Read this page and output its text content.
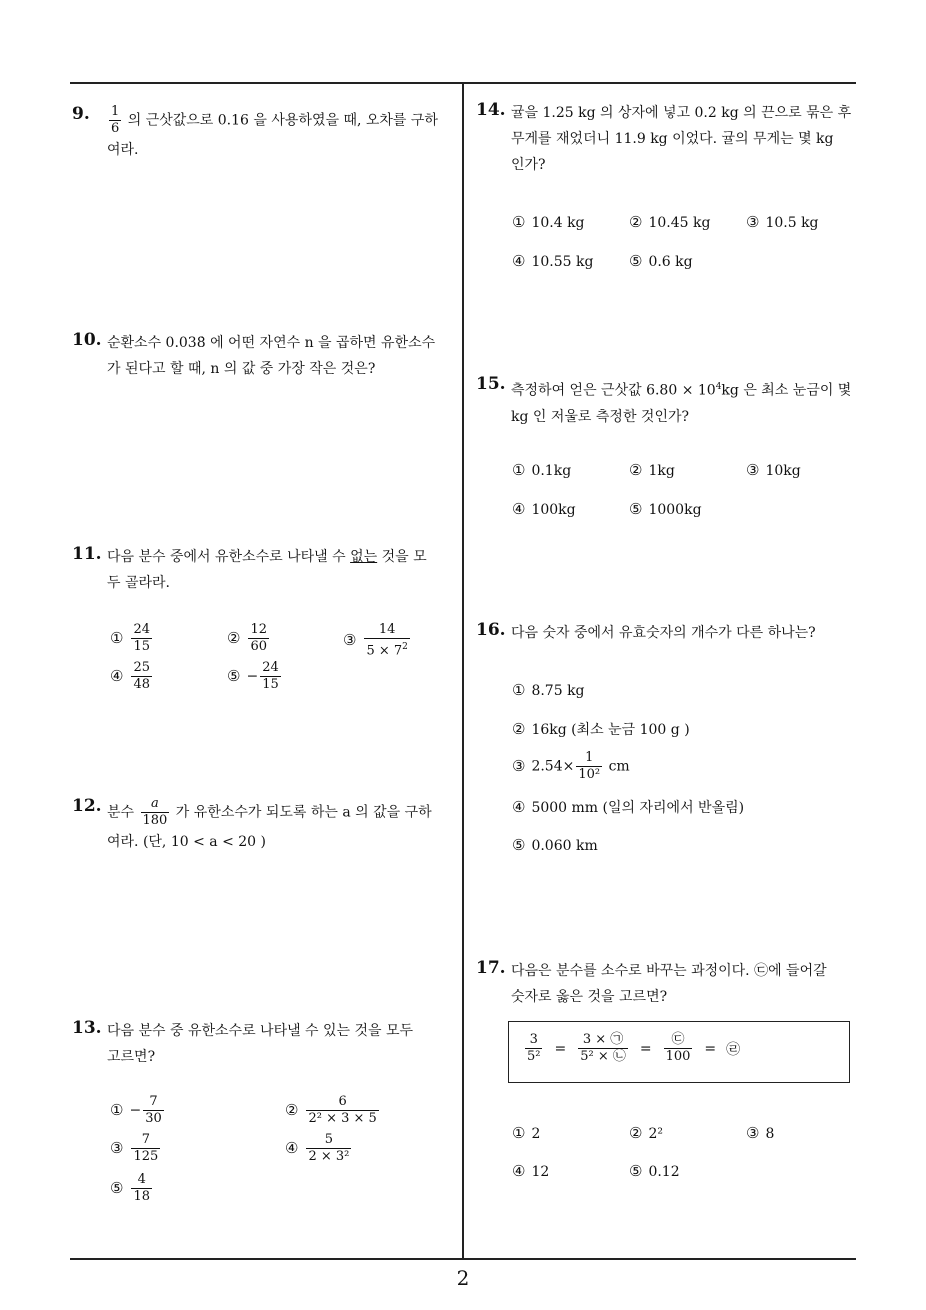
2
9. $\frac{1}{6}$ 의 근삿값으로 0.16 을 사용하였을 때, 오차를 구하
여라.
10. 순환소수 0.038̇ 에 어떤 자연수 n 을 곱하면 유한소수
가 된다고 할 때, n 의 값 중 가장 작은 것은?
11. 다음 분수 중에서 유한소수로 나타낼 수 없는 것을 모
두 골라라.
① $\frac{24}{15}$	② $\frac{12}{60}$	③ $\frac{14}{5 \times 7^2}$
④ $\frac{25}{48}$	⑤ − $\frac{24}{15}$
12. 분수 $\frac{a}{180}$ 가 유한소수가 되도록 하는 a 의 값을 구하
여라. (단, 10 < a < 20 )
13. 다음 분수 중 유한소수로 나타낼 수 있는 것을 모두
고르면?
① − $\frac{7}{30}$	② $\frac{6}{\text{2² × 3 × 5}}$
③ $\frac{7}{125}$	④ $\frac{5}{\text{2 × 3²}}$
⑤ $\frac{4}{18}$
14. 귤을 1.25 kg 의 상자에 넣고 0.2 kg 의 끈으로 묶은 후
무게를 재었더니 11.9 kg 이었다. 귤의 무게는 몇 kg
인가?
① 10.4 kg	② 10.45 kg ③ 10.5 kg
④ 10.55 kg ⑤ 0.6 kg
15. 측정하여 얻은 근삿값 $6.80 \times 10^4kg$ 은 최소 눈금이 몇
kg 인 저울로 측정한 것인가?
① 0.1kg	② 1kg	③ 10kg
④ 100kg	⑤ 1000kg
16. 다음 숫자 중에서 유효숫자의 개수가 다른 하나는?
① 8.75 kg
② 16kg (최소 눈금 100 g )
③ $2.54\times \frac{1}{\text{10²}}$ cm
④ 5000 mm (일의 자리에서 반올림)
⑤ 0.060 km
17. 다음은 분수를 소수로 바꾸는 과정이다. ㉢에 들어갈
숫자로 옳은 것을 고르면?
$\frac{3}{\text{5²}} = \frac{3 \times ㉠}{\text{5² × ㉡}} = \frac{㉢}{100}$ = ㉣
① 2	② 2²	③ 8
④ 12	⑤ 0.12
